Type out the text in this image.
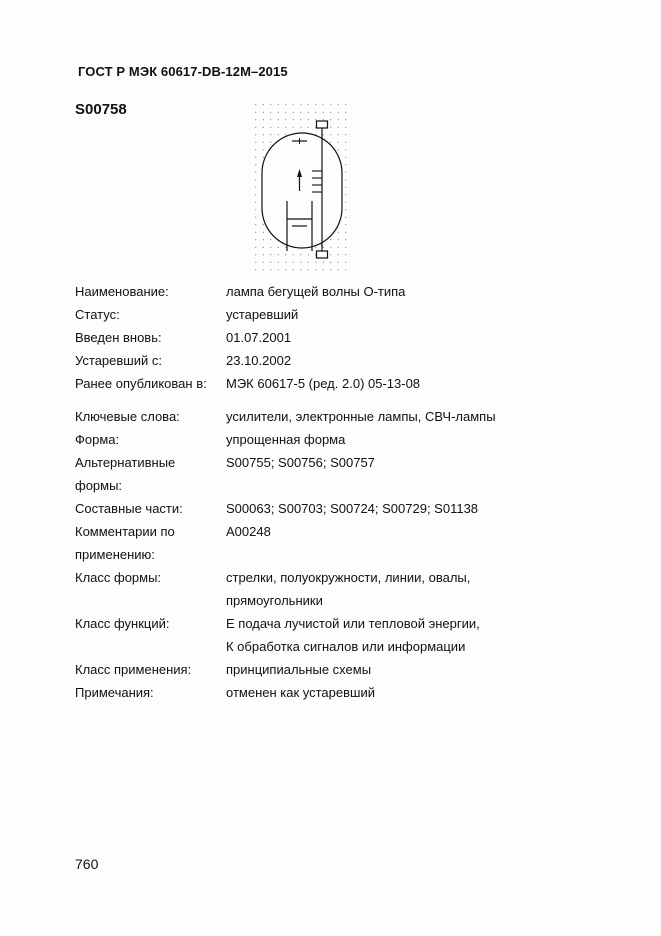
ГОСТ Р МЭК 60617-DB-12M–2015
S00758
Наименование:	лампа бегущей волны О-типа
Статус:	устаревший
Введен вновь:	01.07.2001
Устаревший с:	23.10.2002
Ранее опубликован в:	МЭК 60617-5 (ред. 2.0) 05-13-08
Ключевые слова:	усилители, электронные лампы, СВЧ-лампы
Форма:	упрощенная форма
Альтернативные
формы:
S00755; S00756; S00757
Составные части:	S00063; S00703; S00724; S00729; S01138
Комментарии по
применению:
A00248
Класс формы:	стрелки, полуокружности, линии, овалы,
прямоугольники
Класс функций:	Е подача лучистой или тепловой энергии,
К обработка сигналов или информации
Класс применения:	принципиальные схемы
Примечания:	отменен как устаревший
760
